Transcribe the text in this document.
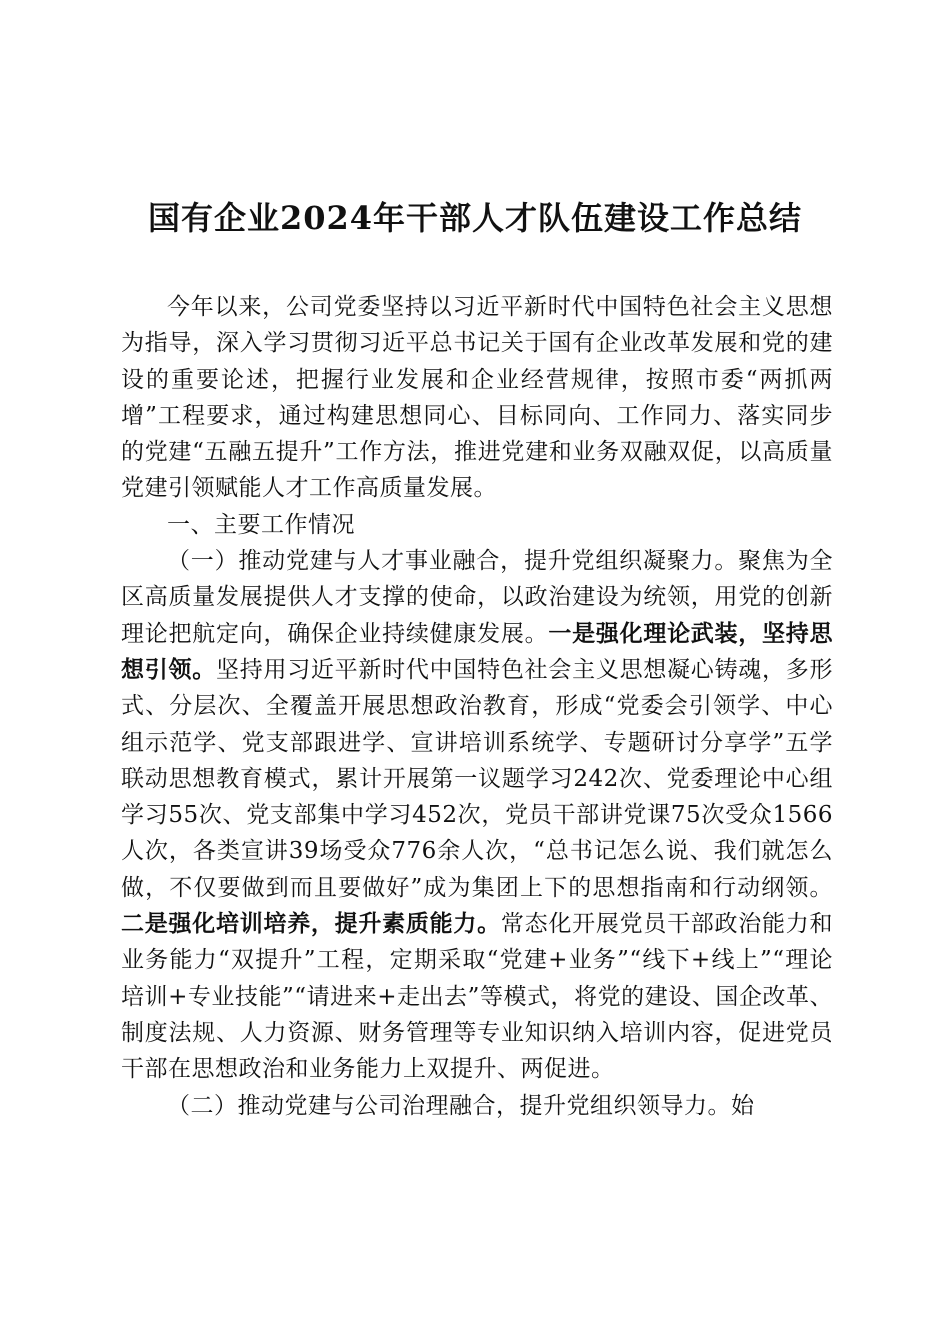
国有企业2024年干部人才队伍建设工作总结

今年以来，公司党委坚持以习近平新时代中国特色社会主义思想为指导，深入学习贯彻习近平总书记关于国有企业改革发展和党的建设的重要论述，把握行业发展和企业经营规律，按照市委“两抓两增”工程要求，通过构建思想同心、目标同向、工作同力、落实同步的党建“五融五提升”工作方法，推进党建和业务双融双促，以高质量党建引领赋能人才工作高质量发展。

一、主要工作情况

（一）推动党建与人才事业融合，提升党组织凝聚力。聚焦为全区高质量发展提供人才支撑的使命，以政治建设为统领，用党的创新理论把航定向，确保企业持续健康发展。一是强化理论武装，坚持思想引领。坚持用习近平新时代中国特色社会主义思想凝心铸魂，多形式、分层次、全覆盖开展思想政治教育，形成“党委会引领学、中心组示范学、党支部跟进学、宣讲培训系统学、专题研讨分享学”五学联动思想教育模式，累计开展第一议题学习242次、党委理论中心组学习55次、党支部集中学习452次，党员干部讲党课75次受众1566人次，各类宣讲39场受众776余人次，“总书记怎么说、我们就怎么做，不仅要做到而且要做好”成为集团上下的思想指南和行动纲领。二是强化培训培养，提升素质能力。常态化开展党员干部政治能力和业务能力“双提升”工程，定期采取“党建+业务”“线下+线上”“理论培训+专业技能”“请进来+走出去”等模式，将党的建设、国企改革、制度法规、人力资源、财务管理等专业知识纳入培训内容，促进党员干部在思想政治和业务能力上双提升、两促进。

（二）推动党建与公司治理融合，提升党组织领导力。始
